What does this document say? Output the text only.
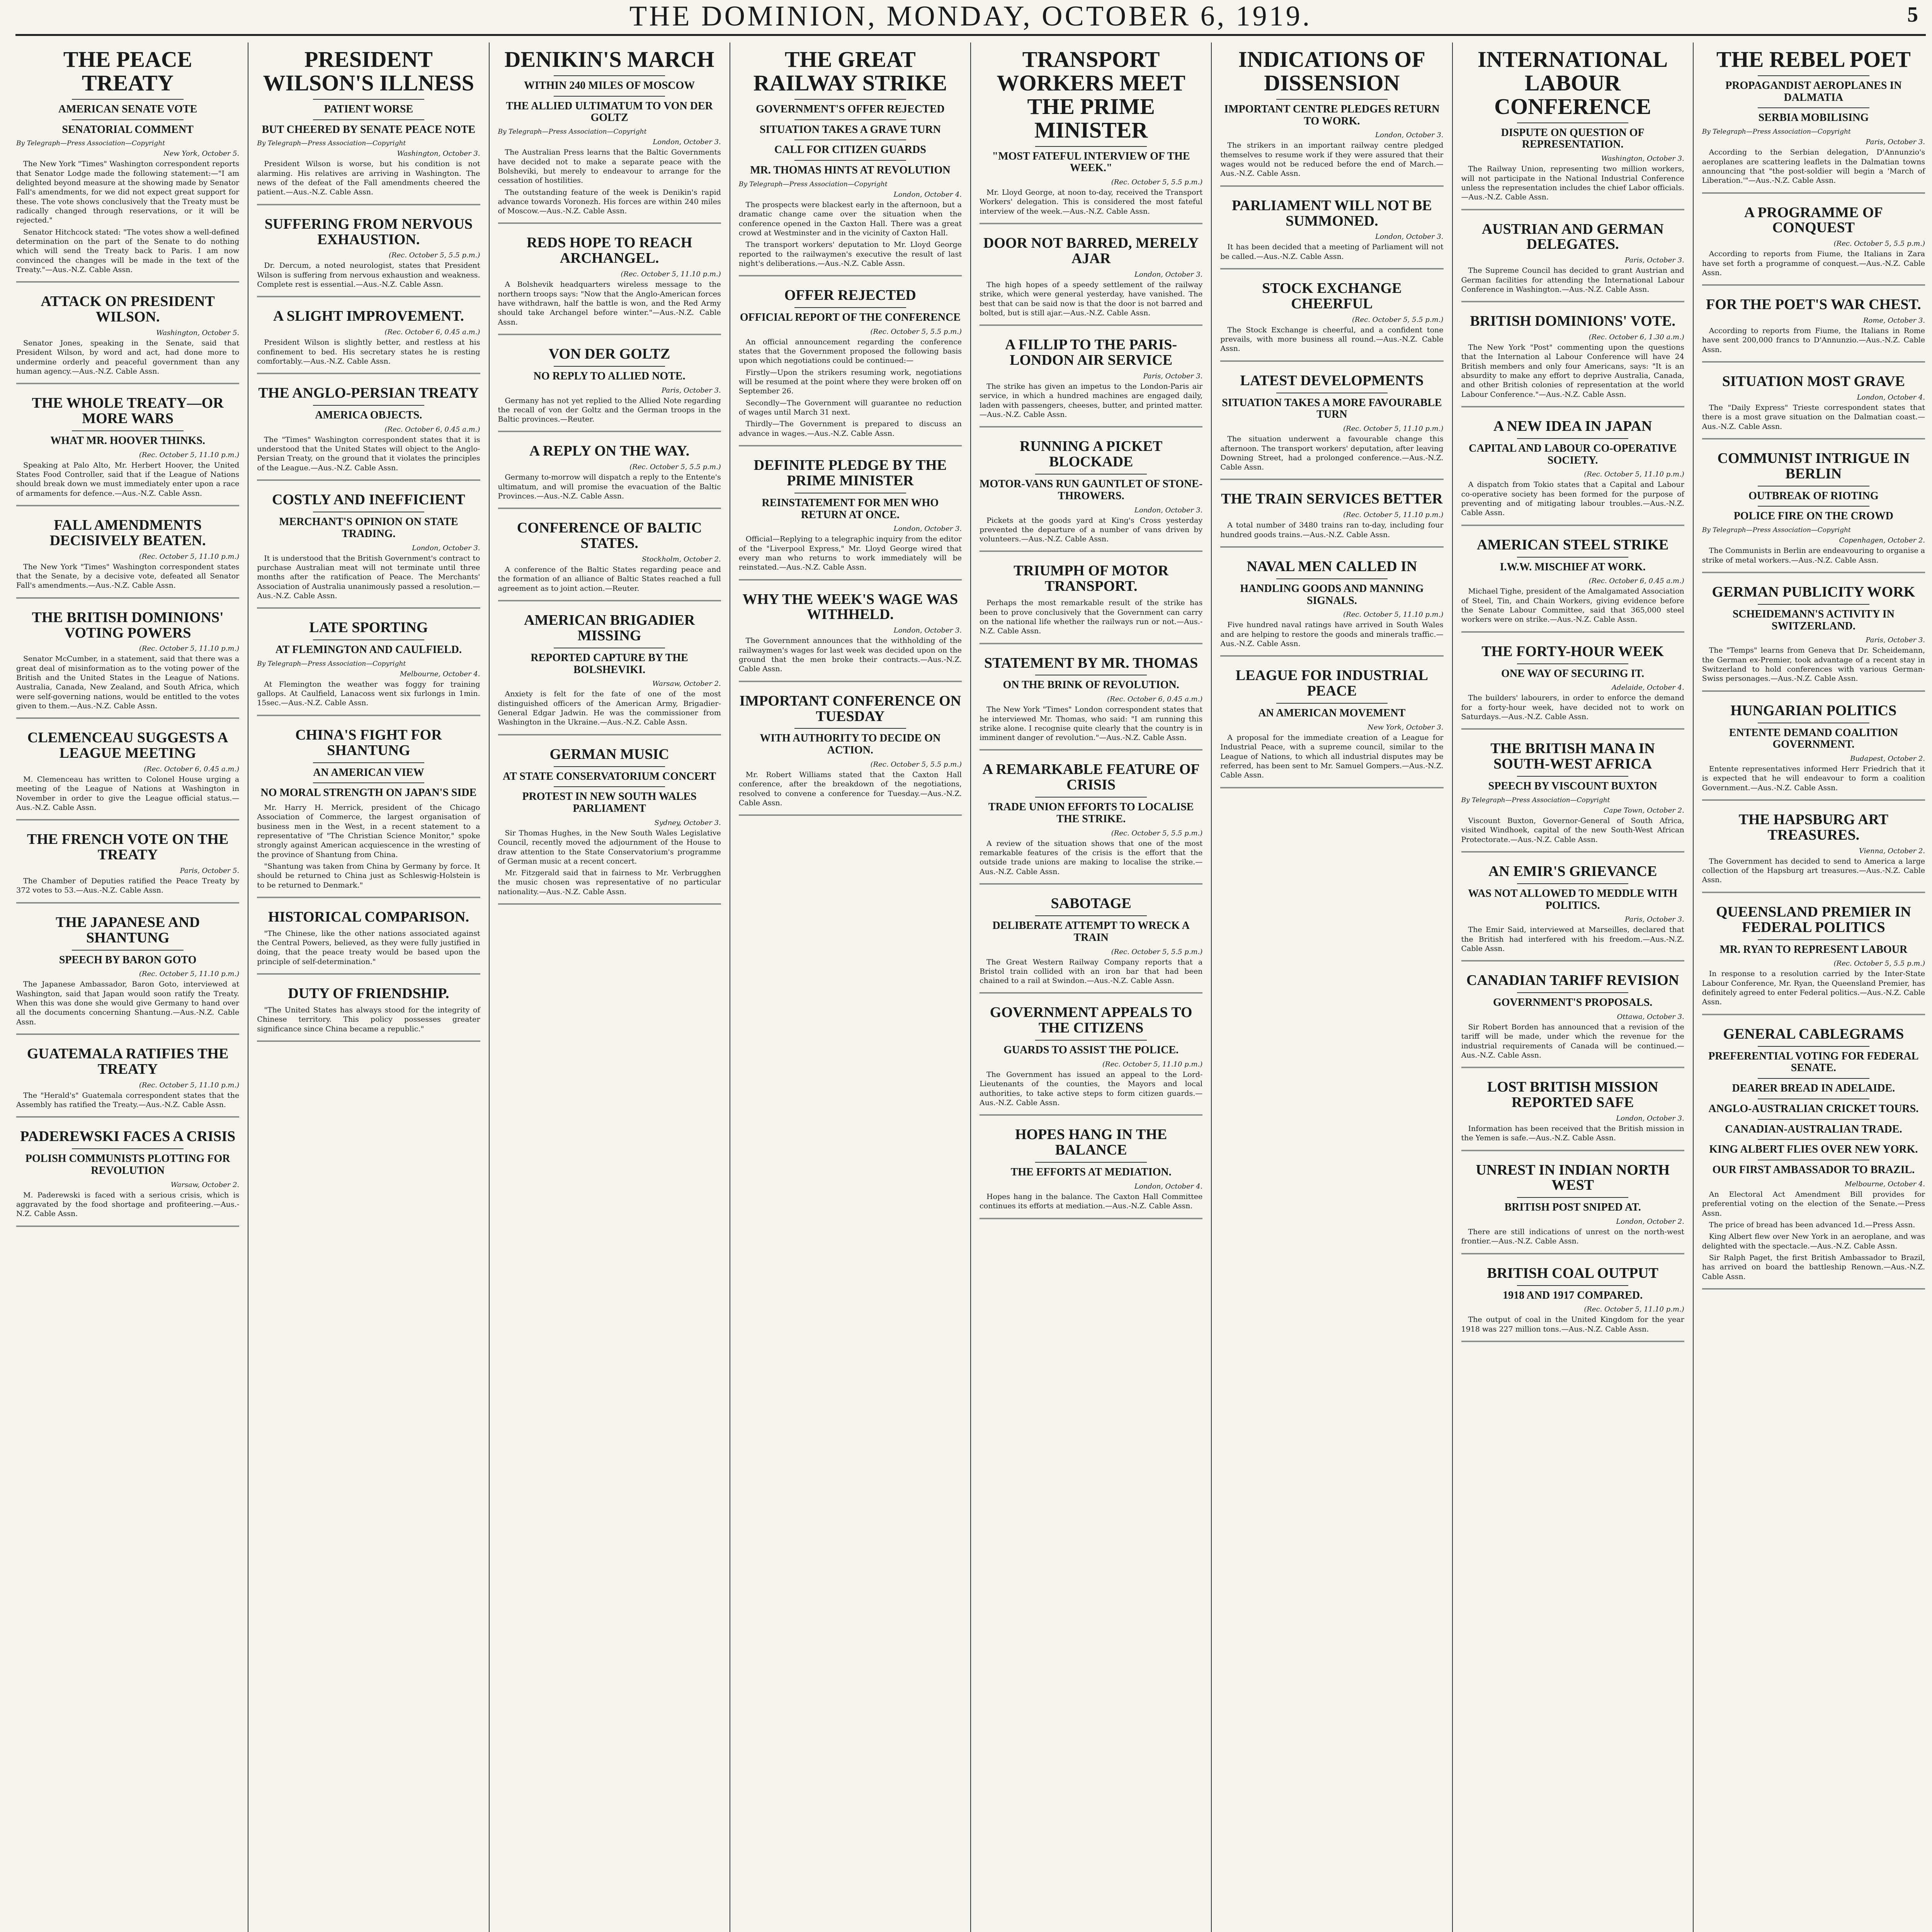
THE DOMINION, MONDAY, OCTOBER 6, 1919.	5
THE PEACE TREATY
AMERICAN SENATE VOTE
SENATORIAL COMMENT
By Telegraph—Press Association—Copyright
New York, October 5.

The New York "Times" Washington correspondent reports that Senator Lodge made the following statement:—"I am delighted beyond measure at the showing made by Senator Fall's amendments, for we did not expect great support for these. The vote shows conclusively that the Treaty must be radically changed through reservations, or it will be rejected."

Senator Hitchcock stated: "The votes show a well-defined determination on the part of the Senate to do nothing which will send the Treaty back to Paris. I am now convinced the changes will be made in the text of the Treaty."—Aus.-N.Z. Cable Assn.

ATTACK ON PRESIDENT WILSON.
Washington, October 5.

Senator Jones, speaking in the Senate, said that President Wilson, by word and act, had done more to undermine orderly and peaceful government than any human agency.—Aus.-N.Z. Cable Assn.

THE WHOLE TREATY—OR MORE WARS
WHAT MR. HOOVER THINKS.
(Rec. October 5, 11.10 p.m.)

Speaking at Palo Alto, Mr. Herbert Hoover, the United States Food Controller, said that if the League of Nations should break down we must immediately enter upon a race of armaments for defence.—Aus.-N.Z. Cable Assn.

FALL AMENDMENTS DECISIVELY BEATEN.
(Rec. October 5, 11.10 p.m.)

The New York "Times" Washington correspondent states that the Senate, by a decisive vote, defeated all Senator Fall's amendments.—Aus.-N.Z. Cable Assn.

THE BRITISH DOMINIONS' VOTING POWERS
(Rec. October 5, 11.10 p.m.)

Senator McCumber, in a statement, said that there was a great deal of misinformation as to the voting power of the British and the United States in the League of Nations. Australia, Canada, New Zealand, and South Africa, which were self-governing nations, would be entitled to the votes given to them.—Aus.-N.Z. Cable Assn.

CLEMENCEAU SUGGESTS A LEAGUE MEETING
(Rec. October 6, 0.45 a.m.)

M. Clemenceau has written to Colonel House urging a meeting of the League of Nations at Washington in November in order to give the League official status.—Aus.-N.Z. Cable Assn.

THE FRENCH VOTE ON THE TREATY
Paris, October 5.

The Chamber of Deputies ratified the Peace Treaty by 372 votes to 53.—Aus.-N.Z. Cable Assn.

THE JAPANESE AND SHANTUNG
SPEECH BY BARON GOTO
(Rec. October 5, 11.10 p.m.)

The Japanese Ambassador, Baron Goto, interviewed at Washington, said that Japan would soon ratify the Treaty. When this was done she would give Germany to hand over all the documents concerning Shantung.—Aus.-N.Z. Cable Assn.

GUATEMALA RATIFIES THE TREATY
(Rec. October 5, 11.10 p.m.)

The "Herald's" Guatemala correspondent states that the Assembly has ratified the Treaty.—Aus.-N.Z. Cable Assn.

PADEREWSKI FACES A CRISIS
POLISH COMMUNISTS PLOTTING FOR REVOLUTION
Warsaw, October 2.

M. Paderewski is faced with a serious crisis, which is aggravated by the food shortage and profiteering.—Aus.-N.Z. Cable Assn.

PRESIDENT WILSON'S ILLNESS
PATIENT WORSE
BUT CHEERED BY SENATE PEACE NOTE
By Telegraph—Press Association—Copyright
Washington, October 3.

President Wilson is worse, but his condition is not alarming. His relatives are arriving in Washington. The news of the defeat of the Fall amendments cheered the patient.—Aus.-N.Z. Cable Assn.

SUFFERING FROM NERVOUS EXHAUSTION.
(Rec. October 5, 5.5 p.m.)

Dr. Dercum, a noted neurologist, states that President Wilson is suffering from nervous exhaustion and weakness. Complete rest is essential.—Aus.-N.Z. Cable Assn.

A SLIGHT IMPROVEMENT.
(Rec. October 6, 0.45 a.m.)

President Wilson is slightly better, and restless at his confinement to bed. His secretary states he is resting comfortably.—Aus.-N.Z. Cable Assn.

THE ANGLO-PERSIAN TREATY
AMERICA OBJECTS.
(Rec. October 6, 0.45 a.m.)

The "Times" Washington correspondent states that it is understood that the United States will object to the Anglo-Persian Treaty, on the ground that it violates the principles of the League.—Aus.-N.Z. Cable Assn.

COSTLY AND INEFFICIENT
MERCHANT'S OPINION ON STATE TRADING.
London, October 3.

It is understood that the British Government's contract to purchase Australian meat will not terminate until three months after the ratification of Peace. The Merchants' Association of Australia unanimously passed a resolution.—Aus.-N.Z. Cable Assn.

LATE SPORTING
AT FLEMINGTON AND CAULFIELD.
By Telegraph—Press Association—Copyright
Melbourne, October 4.

At Flemington the weather was foggy for training gallops. At Caulfield, Lanacoss went six furlongs in 1min. 15sec.—Aus.-N.Z. Cable Assn.

CHINA'S FIGHT FOR SHANTUNG
AN AMERICAN VIEW
NO MORAL STRENGTH ON JAPAN'S SIDE

Mr. Harry H. Merrick, president of the Chicago Association of Commerce, the largest organisation of business men in the West, in a recent statement to a representative of "The Christian Science Monitor," spoke strongly against American acquiescence in the wresting of the province of Shantung from China.

"Shantung was taken from China by Germany by force. It should be returned to China just as Schleswig-Holstein is to be returned to Denmark."

HISTORICAL COMPARISON.

"The Chinese, like the other nations associated against the Central Powers, believed, as they were fully justified in doing, that the peace treaty would be based upon the principle of self-determination."

DUTY OF FRIENDSHIP.

"The United States has always stood for the integrity of Chinese territory. This policy possesses greater significance since China became a republic."

DENIKIN'S MARCH
WITHIN 240 MILES OF MOSCOW
THE ALLIED ULTIMATUM TO VON DER GOLTZ
By Telegraph—Press Association—Copyright
London, October 3.

The Australian Press learns that the Baltic Governments have decided not to make a separate peace with the Bolsheviki, but merely to endeavour to arrange for the cessation of hostilities.

The outstanding feature of the week is Denikin's rapid advance towards Voronezh. His forces are within 240 miles of Moscow.—Aus.-N.Z. Cable Assn.

REDS HOPE TO REACH ARCHANGEL.
(Rec. October 5, 11.10 p.m.)

A Bolshevik headquarters wireless message to the northern troops says: "Now that the Anglo-American forces have withdrawn, half the battle is won, and the Red Army should take Archangel before winter."—Aus.-N.Z. Cable Assn.

VON DER GOLTZ
NO REPLY TO ALLIED NOTE.
Paris, October 3.

Germany has not yet replied to the Allied Note regarding the recall of von der Goltz and the German troops in the Baltic provinces.—Reuter.

A REPLY ON THE WAY.
(Rec. October 5, 5.5 p.m.)

Germany to-morrow will dispatch a reply to the Entente's ultimatum, and will promise the evacuation of the Baltic Provinces.—Aus.-N.Z. Cable Assn.

CONFERENCE OF BALTIC STATES.
Stockholm, October 2.

A conference of the Baltic States regarding peace and the formation of an alliance of Baltic States reached a full agreement as to joint action.—Reuter.

AMERICAN BRIGADIER MISSING
REPORTED CAPTURE BY THE BOLSHEVIKI.
Warsaw, October 2.

Anxiety is felt for the fate of one of the most distinguished officers of the American Army, Brigadier-General Edgar Jadwin. He was the commissioner from Washington in the Ukraine.—Aus.-N.Z. Cable Assn.

GERMAN MUSIC
AT STATE CONSERVATORIUM CONCERT
PROTEST IN NEW SOUTH WALES PARLIAMENT
Sydney, October 3.

Sir Thomas Hughes, in the New South Wales Legislative Council, recently moved the adjournment of the House to draw attention to the State Conservatorium's programme of German music at a recent concert.

Mr. Fitzgerald said that in fairness to Mr. Verbrugghen the music chosen was representative of no particular nationality.—Aus.-N.Z. Cable Assn.

THE GREAT RAILWAY STRIKE
GOVERNMENT'S OFFER REJECTED
SITUATION TAKES A GRAVE TURN
CALL FOR CITIZEN GUARDS
MR. THOMAS HINTS AT REVOLUTION
By Telegraph—Press Association—Copyright
London, October 4.

The prospects were blackest early in the afternoon, but a dramatic change came over the situation when the conference opened in the Caxton Hall. There was a great crowd at Westminster and in the vicinity of Caxton Hall.

The transport workers' deputation to Mr. Lloyd George reported to the railwaymen's executive the result of last night's deliberations.—Aus.-N.Z. Cable Assn.

OFFER REJECTED
OFFICIAL REPORT OF THE CONFERENCE
(Rec. October 5, 5.5 p.m.)

An official announcement regarding the conference states that the Government proposed the following basis upon which negotiations could be continued:—

Firstly—Upon the strikers resuming work, negotiations will be resumed at the point where they were broken off on September 26.

Secondly—The Government will guarantee no reduction of wages until March 31 next.

Thirdly—The Government is prepared to discuss an advance in wages.—Aus.-N.Z. Cable Assn.

DEFINITE PLEDGE BY THE PRIME MINISTER
REINSTATEMENT FOR MEN WHO RETURN AT ONCE.
London, October 3.

Official—Replying to a telegraphic inquiry from the editor of the "Liverpool Express," Mr. Lloyd George wired that every man who returns to work immediately will be reinstated.—Aus.-N.Z. Cable Assn.

WHY THE WEEK'S WAGE WAS WITHHELD.
London, October 3.

The Government announces that the withholding of the railwaymen's wages for last week was decided upon on the ground that the men broke their contracts.—Aus.-N.Z. Cable Assn.

IMPORTANT CONFERENCE ON TUESDAY
WITH AUTHORITY TO DECIDE ON ACTION.
(Rec. October 5, 5.5 p.m.)

Mr. Robert Williams stated that the Caxton Hall conference, after the breakdown of the negotiations, resolved to convene a conference for Tuesday.—Aus.-N.Z. Cable Assn.

TRANSPORT WORKERS MEET THE PRIME MINISTER
"MOST FATEFUL INTERVIEW OF THE WEEK."
(Rec. October 5, 5.5 p.m.)

Mr. Lloyd George, at noon to-day, received the Transport Workers' delegation. This is considered the most fateful interview of the week.—Aus.-N.Z. Cable Assn.

DOOR NOT BARRED, MERELY AJAR
London, October 3.

The high hopes of a speedy settlement of the railway strike, which were general yesterday, have vanished. The best that can be said now is that the door is not barred and bolted, but is still ajar.—Aus.-N.Z. Cable Assn.

A FILLIP TO THE PARIS-LONDON AIR SERVICE
Paris, October 3.

The strike has given an impetus to the London-Paris air service, in which a hundred machines are engaged daily, laden with passengers, cheeses, butter, and printed matter.—Aus.-N.Z. Cable Assn.

RUNNING A PICKET BLOCKADE
MOTOR-VANS RUN GAUNTLET OF STONE-THROWERS.
London, October 3.

Pickets at the goods yard at King's Cross yesterday prevented the departure of a number of vans driven by volunteers.—Aus.-N.Z. Cable Assn.

TRIUMPH OF MOTOR TRANSPORT.

Perhaps the most remarkable result of the strike has been to prove conclusively that the Government can carry on the national life whether the railways run or not.—Aus.-N.Z. Cable Assn.

STATEMENT BY MR. THOMAS
ON THE BRINK OF REVOLUTION.
(Rec. October 6, 0.45 a.m.)

The New York "Times" London correspondent states that he interviewed Mr. Thomas, who said: "I am running this strike alone. I recognise quite clearly that the country is in imminent danger of revolution."—Aus.-N.Z. Cable Assn.

A REMARKABLE FEATURE OF CRISIS
TRADE UNION EFFORTS TO LOCALISE THE STRIKE.
(Rec. October 5, 5.5 p.m.)

A review of the situation shows that one of the most remarkable features of the crisis is the effort that the outside trade unions are making to localise the strike.—Aus.-N.Z. Cable Assn.

SABOTAGE
DELIBERATE ATTEMPT TO WRECK A TRAIN
(Rec. October 5, 5.5 p.m.)

The Great Western Railway Company reports that a Bristol train collided with an iron bar that had been chained to a rail at Swindon.—Aus.-N.Z. Cable Assn.

GOVERNMENT APPEALS TO THE CITIZENS
GUARDS TO ASSIST THE POLICE.
(Rec. October 5, 11.10 p.m.)

The Government has issued an appeal to the Lord-Lieutenants of the counties, the Mayors and local authorities, to take active steps to form citizen guards.—Aus.-N.Z. Cable Assn.

HOPES HANG IN THE BALANCE
THE EFFORTS AT MEDIATION.
London, October 4.

Hopes hang in the balance. The Caxton Hall Committee continues its efforts at mediation.—Aus.-N.Z. Cable Assn.

INDICATIONS OF DISSENSION
IMPORTANT CENTRE PLEDGES RETURN TO WORK.
London, October 3.

The strikers in an important railway centre pledged themselves to resume work if they were assured that their wages would not be reduced before the end of March.—Aus.-N.Z. Cable Assn.

PARLIAMENT WILL NOT BE SUMMONED.
London, October 3.

It has been decided that a meeting of Parliament will not be called.—Aus.-N.Z. Cable Assn.

STOCK EXCHANGE CHEERFUL
(Rec. October 5, 5.5 p.m.)

The Stock Exchange is cheerful, and a confident tone prevails, with more business all round.—Aus.-N.Z. Cable Assn.

LATEST DEVELOPMENTS
SITUATION TAKES A MORE FAVOURABLE TURN
(Rec. October 5, 11.10 p.m.)

The situation underwent a favourable change this afternoon. The transport workers' deputation, after leaving Downing Street, had a prolonged conference.—Aus.-N.Z. Cable Assn.

THE TRAIN SERVICES BETTER
(Rec. October 5, 11.10 p.m.)

A total number of 3480 trains ran to-day, including four hundred goods trains.—Aus.-N.Z. Cable Assn.

NAVAL MEN CALLED IN
HANDLING GOODS AND MANNING SIGNALS.
(Rec. October 5, 11.10 p.m.)

Five hundred naval ratings have arrived in South Wales and are helping to restore the goods and minerals traffic.—Aus.-N.Z. Cable Assn.

LEAGUE FOR INDUSTRIAL PEACE
AN AMERICAN MOVEMENT
New York, October 3.

A proposal for the immediate creation of a League for Industrial Peace, with a supreme council, similar to the League of Nations, to which all industrial disputes may be referred, has been sent to Mr. Samuel Gompers.—Aus.-N.Z. Cable Assn.

INTERNATIONAL LABOUR CONFERENCE
DISPUTE ON QUESTION OF REPRESENTATION.
Washington, October 3.

The Railway Union, representing two million workers, will not participate in the National Industrial Conference unless the representation includes the chief Labor officials.—Aus.-N.Z. Cable Assn.

AUSTRIAN AND GERMAN DELEGATES.
Paris, October 3.

The Supreme Council has decided to grant Austrian and German facilities for attending the International Labour Conference in Washington.—Aus.-N.Z. Cable Assn.

BRITISH DOMINIONS' VOTE.
(Rec. October 6, 1.30 a.m.)

The New York "Post" commenting upon the questions that the Internation al Labour Conference will have 24 British members and only four Americans, says: "It is an absurdity to make any effort to deprive Australia, Canada, and other British colonies of representation at the world Labour Conference."—Aus.-N.Z. Cable Assn.

A NEW IDEA IN JAPAN
CAPITAL AND LABOUR CO-OPERATIVE SOCIETY.
(Rec. October 5, 11.10 p.m.)

A dispatch from Tokio states that a Capital and Labour co-operative society has been formed for the purpose of preventing and of mitigating labour troubles.—Aus.-N.Z. Cable Assn.

AMERICAN STEEL STRIKE
I.W.W. MISCHIEF AT WORK.
(Rec. October 6, 0.45 a.m.)

Michael Tighe, president of the Amalgamated Association of Steel, Tin, and Chain Workers, giving evidence before the Senate Labour Committee, said that 365,000 steel workers were on strike.—Aus.-N.Z. Cable Assn.

THE FORTY-HOUR WEEK
ONE WAY OF SECURING IT.
Adelaide, October 4.

The builders' labourers, in order to enforce the demand for a forty-hour week, have decided not to work on Saturdays.—Aus.-N.Z. Cable Assn.

THE BRITISH MANA IN SOUTH-WEST AFRICA
SPEECH BY VISCOUNT BUXTON
By Telegraph—Press Association—Copyright
Cape Town, October 2.

Viscount Buxton, Governor-General of South Africa, visited Windhoek, capital of the new South-West African Protectorate.—Aus.-N.Z. Cable Assn.

AN EMIR'S GRIEVANCE
WAS NOT ALLOWED TO MEDDLE WITH POLITICS.
Paris, October 3.

The Emir Said, interviewed at Marseilles, declared that the British had interfered with his freedom.—Aus.-N.Z. Cable Assn.

CANADIAN TARIFF REVISION
GOVERNMENT'S PROPOSALS.
Ottawa, October 3.

Sir Robert Borden has announced that a revision of the tariff will be made, under which the revenue for the industrial requirements of Canada will be continued.—Aus.-N.Z. Cable Assn.

LOST BRITISH MISSION REPORTED SAFE
London, October 3.

Information has been received that the British mission in the Yemen is safe.—Aus.-N.Z. Cable Assn.

UNREST IN INDIAN NORTH WEST
BRITISH POST SNIPED AT.
London, October 2.

There are still indications of unrest on the north-west frontier.—Aus.-N.Z. Cable Assn.

BRITISH COAL OUTPUT
1918 AND 1917 COMPARED.
(Rec. October 5, 11.10 p.m.)

The output of coal in the United Kingdom for the year 1918 was 227 million tons.—Aus.-N.Z. Cable Assn.

THE REBEL POET
PROPAGANDIST AEROPLANES IN DALMATIA
SERBIA MOBILISING
By Telegraph—Press Association—Copyright
Paris, October 3.

According to the Serbian delegation, D'Annunzio's aeroplanes are scattering leaflets in the Dalmatian towns announcing that "the post-soldier will begin a 'March of Liberation.'"—Aus.-N.Z. Cable Assn.

A PROGRAMME OF CONQUEST
(Rec. October 5, 5.5 p.m.)

According to reports from Fiume, the Italians in Zara have set forth a programme of conquest.—Aus.-N.Z. Cable Assn.

FOR THE POET'S WAR CHEST.
Rome, October 3.

According to reports from Fiume, the Italians in Rome have sent 200,000 francs to D'Annunzio.—Aus.-N.Z. Cable Assn.

SITUATION MOST GRAVE
London, October 4.

The "Daily Express" Trieste correspondent states that there is a most grave situation on the Dalmatian coast.—Aus.-N.Z. Cable Assn.

COMMUNIST INTRIGUE IN BERLIN
OUTBREAK OF RIOTING
POLICE FIRE ON THE CROWD
By Telegraph—Press Association—Copyright
Copenhagen, October 2.

The Communists in Berlin are endeavouring to organise a strike of metal workers.—Aus.-N.Z. Cable Assn.

GERMAN PUBLICITY WORK
SCHEIDEMANN'S ACTIVITY IN SWITZERLAND.
Paris, October 3.

The "Temps" learns from Geneva that Dr. Scheidemann, the German ex-Premier, took advantage of a recent stay in Switzerland to hold conferences with various German-Swiss personages.—Aus.-N.Z. Cable Assn.

HUNGARIAN POLITICS
ENTENTE DEMAND COALITION GOVERNMENT.
Budapest, October 2.

Entente representatives informed Herr Friedrich that it is expected that he will endeavour to form a coalition Government.—Aus.-N.Z. Cable Assn.

THE HAPSBURG ART TREASURES.
Vienna, October 2.

The Government has decided to send to America a large collection of the Hapsburg art treasures.—Aus.-N.Z. Cable Assn.

QUEENSLAND PREMIER IN FEDERAL POLITICS
MR. RYAN TO REPRESENT LABOUR
(Rec. October 5, 5.5 p.m.)

In response to a resolution carried by the Inter-State Labour Conference, Mr. Ryan, the Queensland Premier, has definitely agreed to enter Federal politics.—Aus.-N.Z. Cable Assn.

GENERAL CABLEGRAMS
PREFERENTIAL VOTING FOR FEDERAL SENATE.
DEARER BREAD IN ADELAIDE.
ANGLO-AUSTRALIAN CRICKET TOURS.
CANADIAN-AUSTRALIAN TRADE.
KING ALBERT FLIES OVER NEW YORK.
OUR FIRST AMBASSADOR TO BRAZIL.
Melbourne, October 4.

An Electoral Act Amendment Bill provides for preferential voting on the election of the Senate.—Press Assn.

The price of bread has been advanced 1d.—Press Assn.

King Albert flew over New York in an aeroplane, and was delighted with the spectacle.—Aus.-N.Z. Cable Assn.

Sir Ralph Paget, the first British Ambassador to Brazil, has arrived on board the battleship Renown.—Aus.-N.Z. Cable Assn.
